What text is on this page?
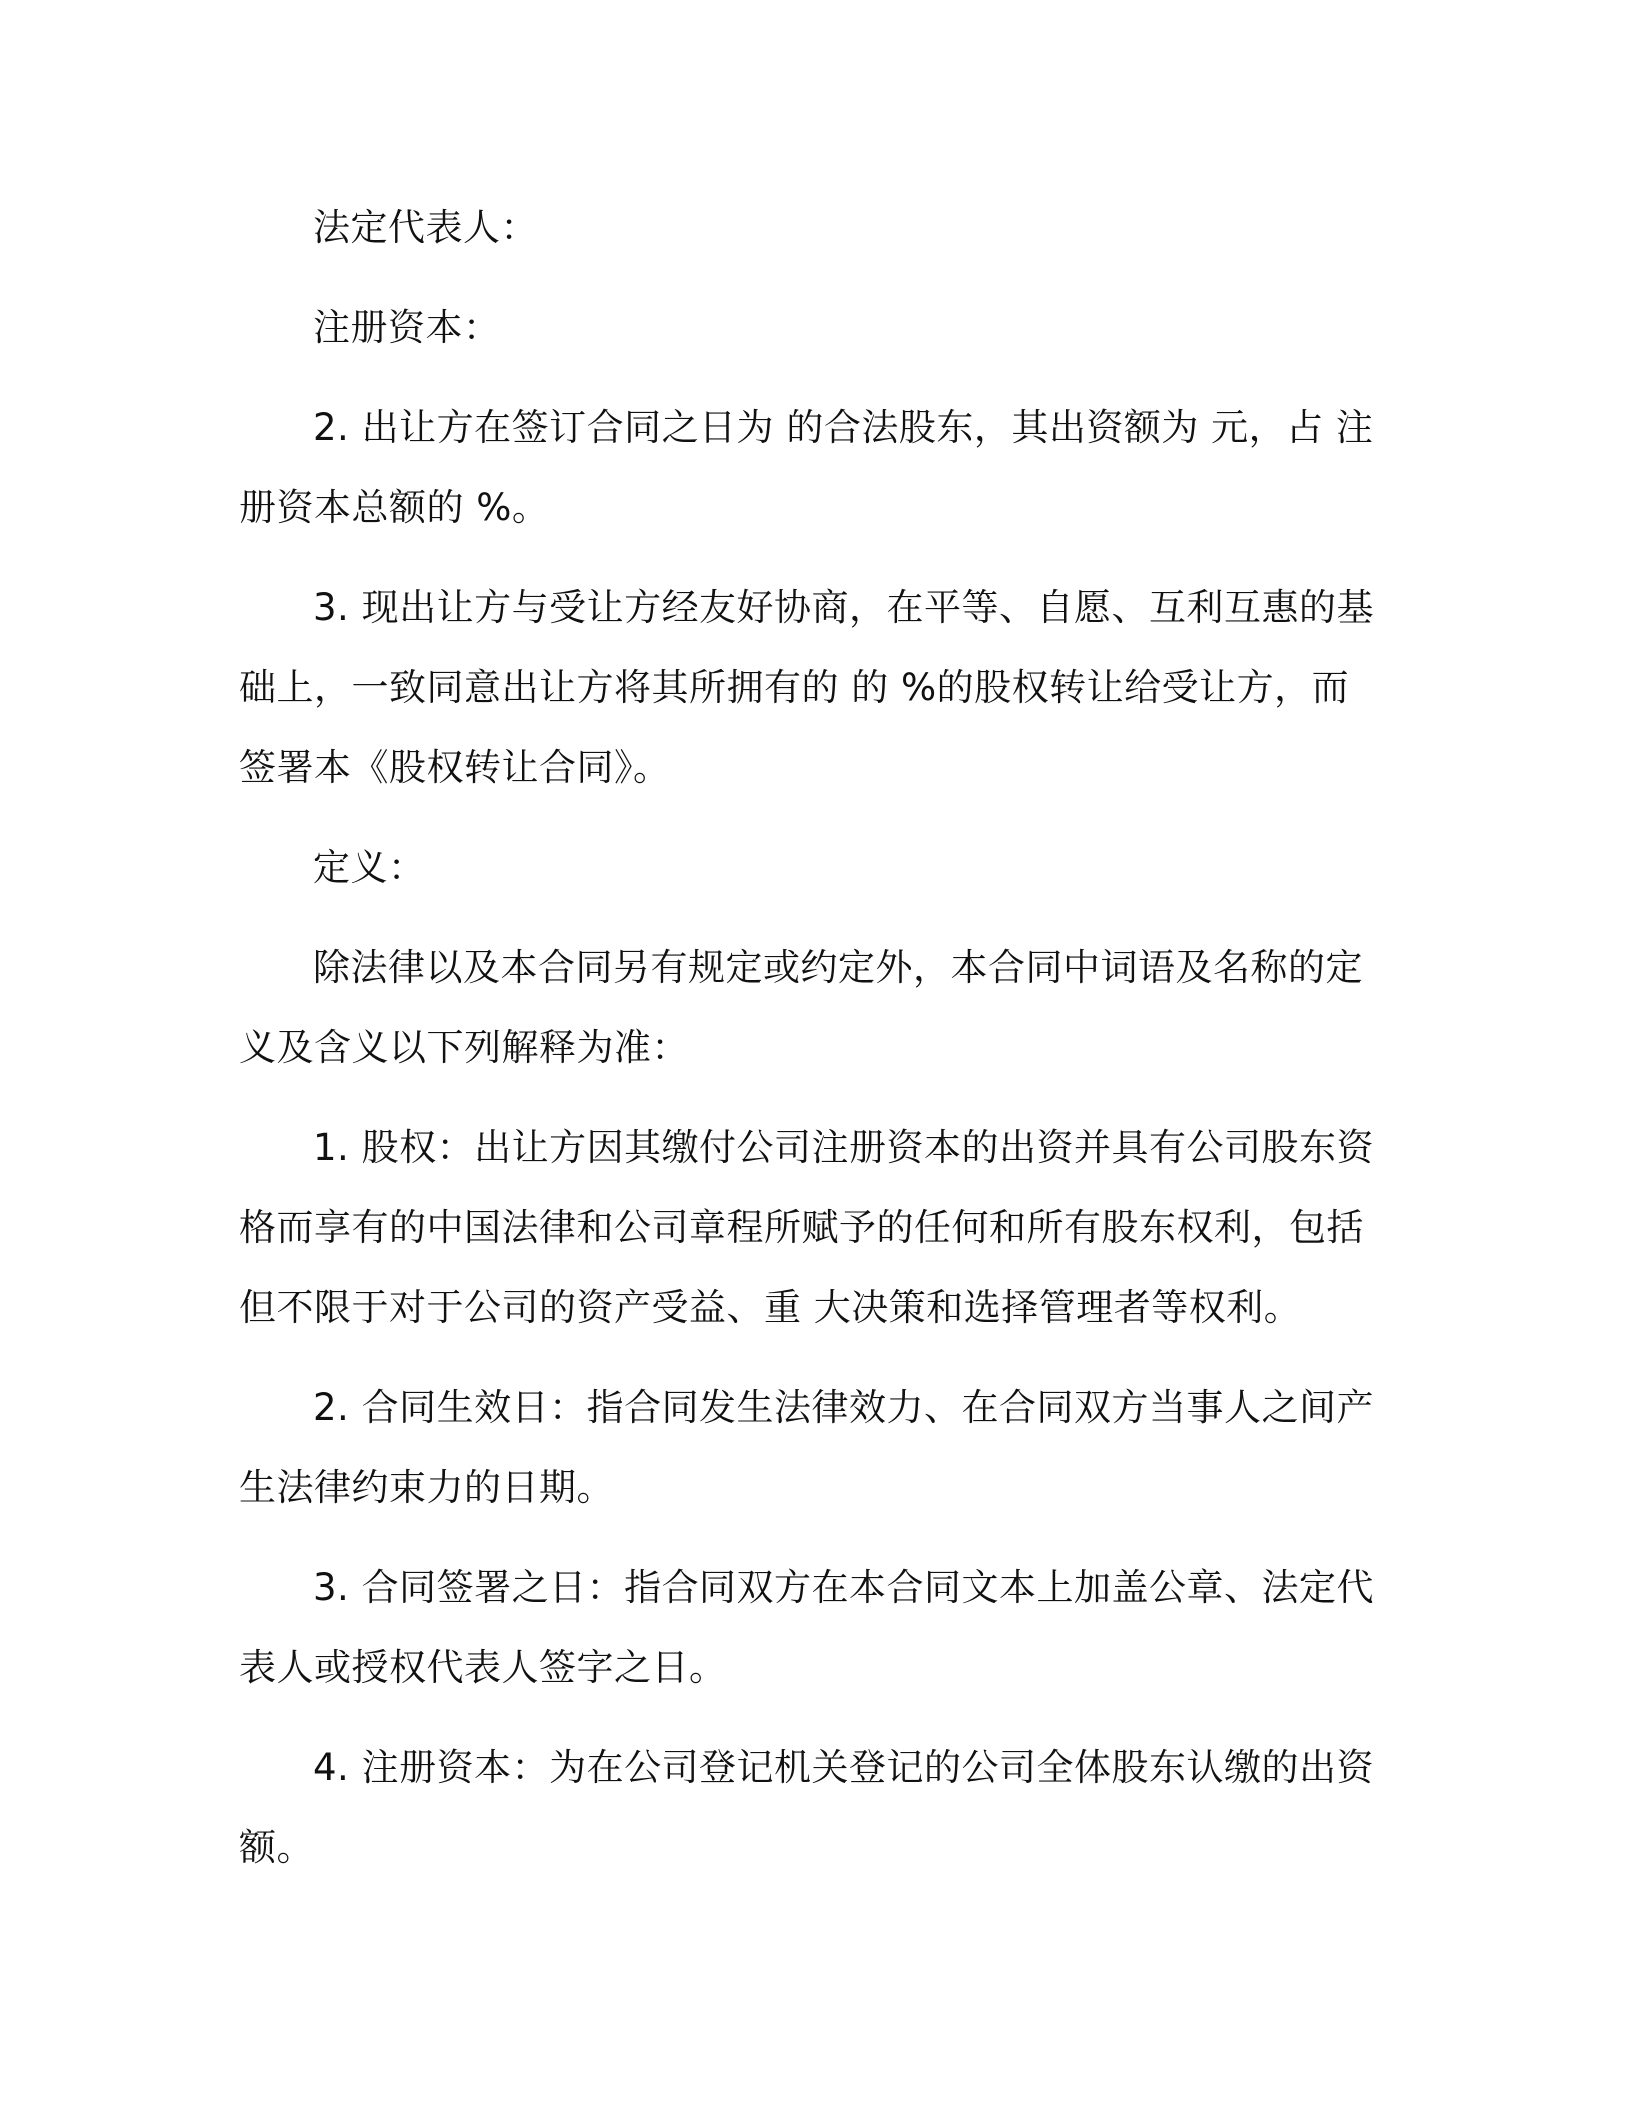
法定代表人：

注册资本：

2. 出让方在签订合同之日为 的合法股东，其出资额为 元，占 注册资本总额的 %。

3. 现出让方与受让方经友好协商，在平等、自愿、互利互惠的基础上，一致同意出让方将其所拥有的 的 %的股权转让给受让方，而签署本《股权转让合同》。

定义：

除法律以及本合同另有规定或约定外，本合同中词语及名称的定义及含义以下列解释为准：

1. 股权：出让方因其缴付公司注册资本的出资并具有公司股东资格而享有的中国法律和公司章程所赋予的任何和所有股东权利，包括但不限于对于公司的资产受益、重 大决策和选择管理者等权利。

2. 合同生效日：指合同发生法律效力、在合同双方当事人之间产生法律约束力的日期。

3. 合同签署之日：指合同双方在本合同文本上加盖公章、法定代表人或授权代表人签字之日。

4. 注册资本：为在公司登记机关登记的公司全体股东认缴的出资额。
